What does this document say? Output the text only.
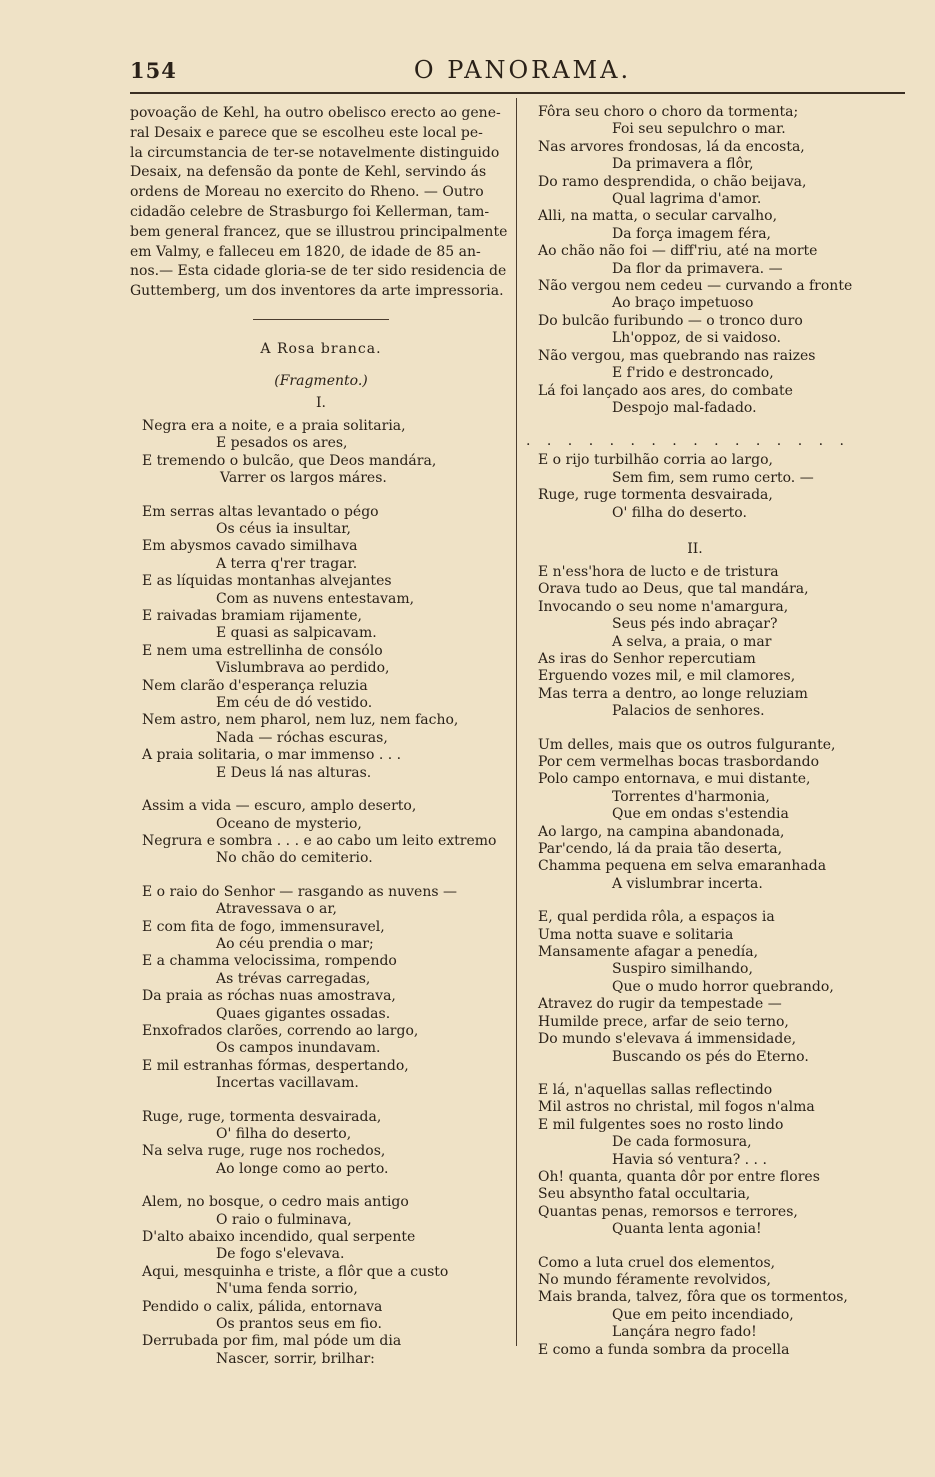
154	O PANORAMA.

povoação de Kehl, ha outro obelisco erecto ao gene-

ral Desaix e parece que se escolheu este local pe-

la circumstancia de ter-se notavelmente distinguido

Desaix, na defensão da ponte de Kehl, servindo ás

ordens de Moreau no exercito do Rheno. — Outro

cidadão celebre de Strasburgo foi Kellerman, tam-

bem general francez, que se illustrou principalmente

em Valmy, e falleceu em 1820, de idade de 85 an-

nos.— Esta cidade gloria-se de ter sido residencia de

Guttemberg, um dos inventores da arte impressoria.

A Rosa branca.

(Fragmento.)

I.

Negra era a noite, e a praia solitaria,

E pesados os ares,

E tremendo o bulcão, que Deos mandára,

Varrer os largos máres.

Em serras altas levantado o pégo

Os céus ia insultar,

Em abysmos cavado similhava

A terra q'rer tragar.

E as líquidas montanhas alvejantes

Com as nuvens entestavam,

E raivadas bramiam rijamente,

E quasi as salpicavam.

E nem uma estrellinha de consólo

Vislumbrava ao perdido,

Nem clarão d'esperança reluzia

Em céu de dó vestido.

Nem astro, nem pharol, nem luz, nem facho,

Nada — róchas escuras,

A praia solitaria, o mar immenso . . .

E Deus lá nas alturas.

Assim a vida — escuro, amplo deserto,

Oceano de mysterio,

Negrura e sombra . . . e ao cabo um leito extremo

No chão do cemiterio.

E o raio do Senhor — rasgando as nuvens —

Atravessava o ar,

E com fita de fogo, immensuravel,

Ao céu prendia o mar;

E a chamma velocissima, rompendo

As trévas carregadas,

Da praia as róchas nuas amostrava,

Quaes gigantes ossadas.

Enxofrados clarões, correndo ao largo,

Os campos inundavam.

E mil estranhas fórmas, despertando,

Incertas vacillavam.

Ruge, ruge, tormenta desvairada,

O' filha do deserto,

Na selva ruge, ruge nos rochedos,

Ao longe como ao perto.

Alem, no bosque, o cedro mais antigo

O raio o fulminava,

D'alto abaixo incendido, qual serpente

De fogo s'elevava.

Aqui, mesquinha e triste, a flôr que a custo

N'uma fenda sorrio,

Pendido o calix, pálida, entornava

Os prantos seus em fio.

Derrubada por fim, mal póde um dia

Nascer, sorrir, brilhar:

Fôra seu choro o choro da tormenta;

Foi seu sepulchro o mar.

Nas arvores frondosas, lá da encosta,

Da primavera a flôr,

Do ramo desprendida, o chão beijava,

Qual lagrima d'amor.

Alli, na matta, o secular carvalho,

Da força imagem féra,

Ao chão não foi — diff'riu, até na morte

Da flor da primavera. —

Não vergou nem cedeu — curvando a fronte

Ao braço impetuoso

Do bulcão furibundo — o tronco duro

Lh'oppoz, de si vaidoso.

Não vergou, mas quebrando nas raizes

E f'rido e destroncado,

Lá foi lançado aos ares, do combate

Despojo mal-fadado.

. . . . . . . . . . . . . . . .

E o rijo turbilhão corria ao largo,

Sem fim, sem rumo certo. —

Ruge, ruge tormenta desvairada,

O' filha do deserto.

II.

E n'ess'hora de lucto e de tristura

Orava tudo ao Deus, que tal mandára,

Invocando o seu nome n'amargura,

Seus pés indo abraçar?

A selva, a praia, o mar

As iras do Senhor repercutiam

Erguendo vozes mil, e mil clamores,

Mas terra a dentro, ao longe reluziam

Palacios de senhores.

Um delles, mais que os outros fulgurante,

Por cem vermelhas bocas trasbordando

Polo campo entornava, e mui distante,

Torrentes d'harmonia,

Que em ondas s'estendia

Ao largo, na campina abandonada,

Par'cendo, lá da praia tão deserta,

Chamma pequena em selva emaranhada

A vislumbrar incerta.

E, qual perdida rôla, a espaços ia

Uma notta suave e solitaria

Mansamente afagar a penedía,

Suspiro similhando,

Que o mudo horror quebrando,

Atravez do rugir da tempestade —

Humilde prece, arfar de seio terno,

Do mundo s'elevava á immensidade,

Buscando os pés do Eterno.

E lá, n'aquellas sallas reflectindo

Mil astros no christal, mil fogos n'alma

E mil fulgentes soes no rosto lindo

De cada formosura,

Havia só ventura? . . .

Oh! quanta, quanta dôr por entre flores

Seu absyntho fatal occultaria,

Quantas penas, remorsos e terrores,

Quanta lenta agonia!

Como a luta cruel dos elementos,

No mundo féramente revolvidos,

Mais branda, talvez, fôra que os tormentos,

Que em peito incendiado,

Lançára negro fado!

E como a funda sombra da procella
